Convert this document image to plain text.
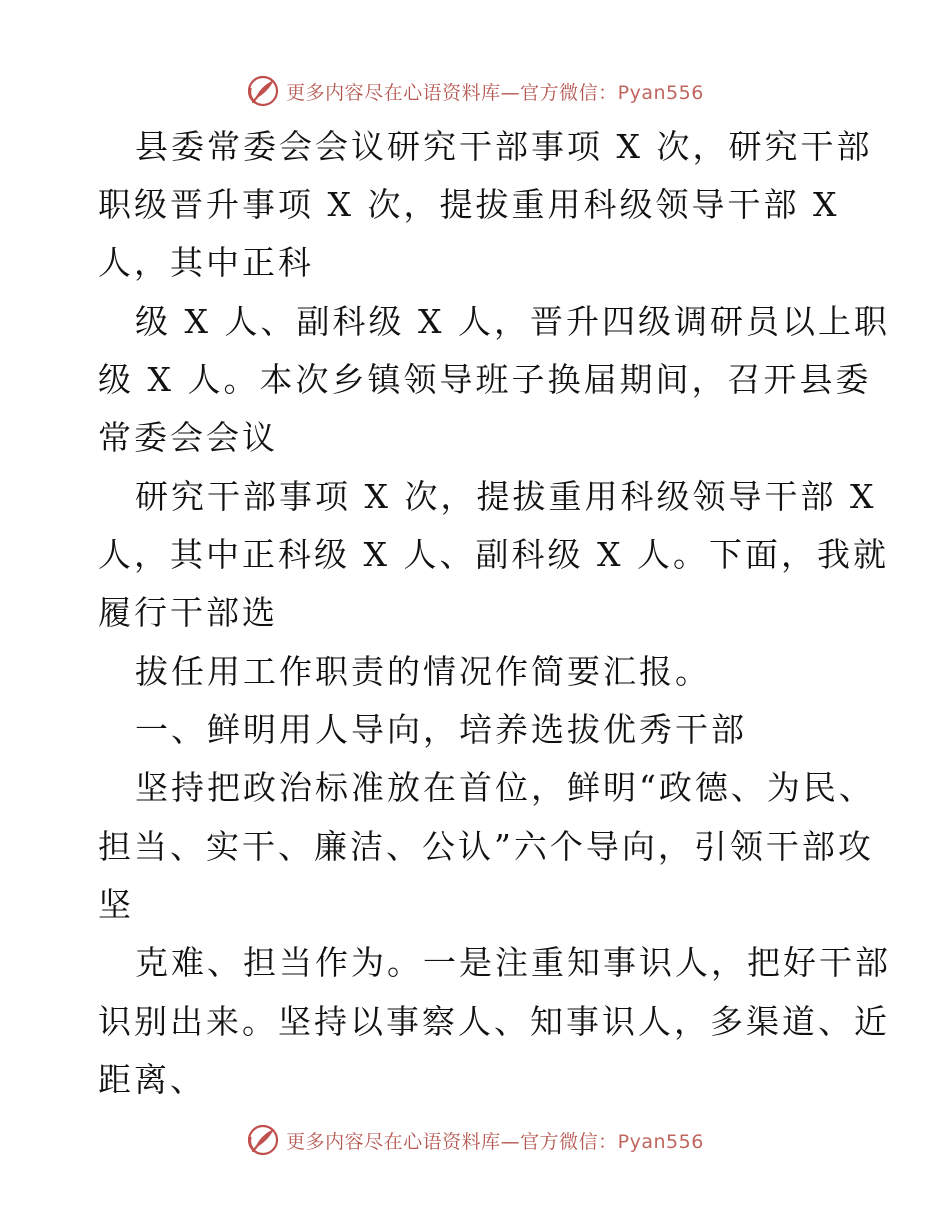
更多内容尽在心语资料库—官方微信：Pyan556
县委常委会会议研究干部事项 X 次，研究干部
职级晋升事项 X 次，提拔重用科级领导干部 X
人，其中正科
级 X 人、副科级 X 人，晋升四级调研员以上职
级 X 人。本次乡镇领导班子换届期间，召开县委
常委会会议
研究干部事项 X 次，提拔重用科级领导干部 X
人，其中正科级 X 人、副科级 X 人。下面，我就
履行干部选
拔任用工作职责的情况作简要汇报。
一、鲜明用人导向，培养选拔优秀干部
坚持把政治标准放在首位，鲜明“政德、为民、
担当、实干、廉洁、公认”六个导向，引领干部攻
坚
克难、担当作为。一是注重知事识人，把好干部
识别出来。坚持以事察人、知事识人，多渠道、近
距离、
更多内容尽在心语资料库—官方微信：Pyan556
